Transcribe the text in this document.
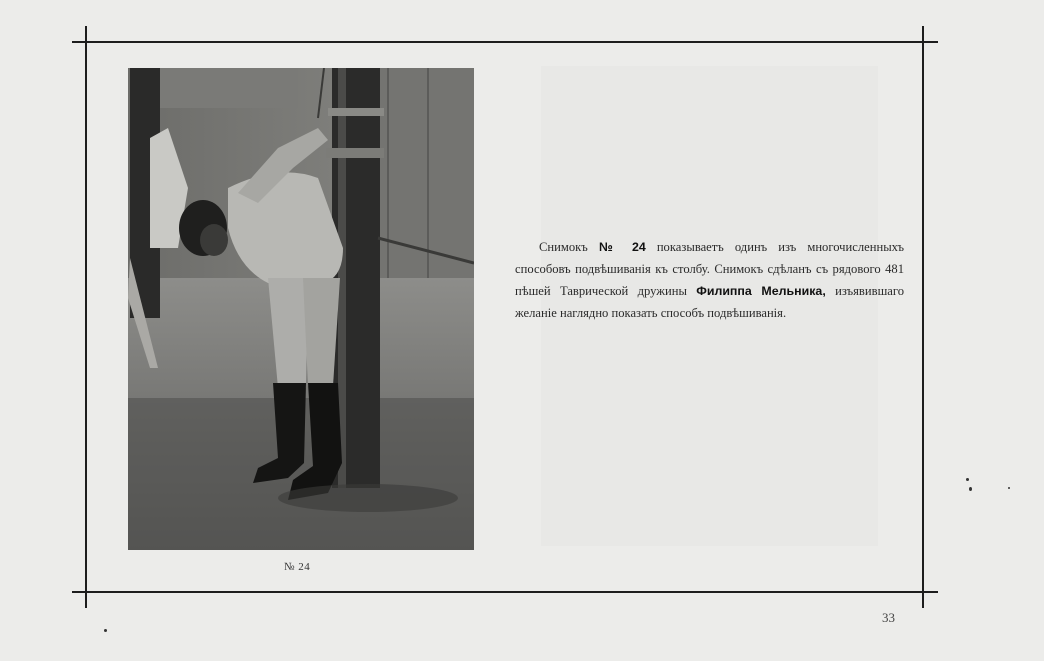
№ 24

Снимокъ № 24 показываетъ одинъ изъ многочисленныхъ способовъ подвѣшиванія къ столбу. Снимокъ сдѣланъ съ рядового 481 пѣшей Таврической дружины Филиппа Мельника, изъявившаго желаніе наглядно показать способъ подвѣшиванія.

33
